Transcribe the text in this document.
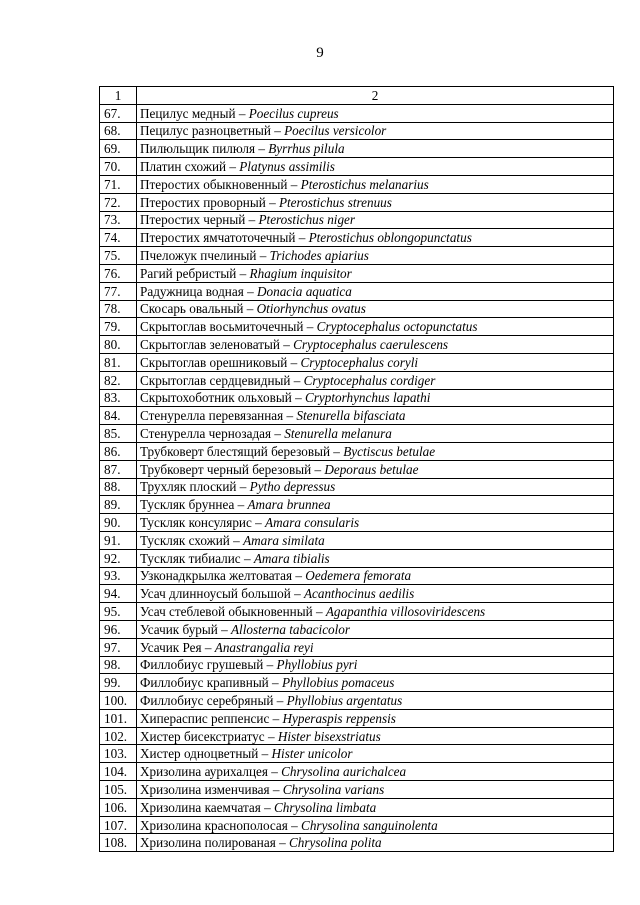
9
1	2
67.	Пецилус медный – Poecilus cupreus
68.	Пецилус разноцветный – Poecilus versicolor
69.	Пилюльщик пилюля – Byrrhus pilula
70.	Платин схожий – Platynus assimilis
71.	Птеростих обыкновенный – Pterostichus melanarius
72.	Птеростих проворный – Pterostichus strenuus
73.	Птеростих черный – Pterostichus niger
74.	Птеростих ямчатоточечный – Pterostichus oblongopunctatus
75.	Пчеложук пчелиный – Trichodes apiarius
76.	Рагий ребристый – Rhagium inquisitor
77.	Радужница водная – Donacia aquatica
78.	Скосарь овальный – Otiorhynchus ovatus
79.	Скрытоглав восьмиточечный – Cryptocephalus octopunctatus
80.	Скрытоглав зеленоватый – Cryptocephalus caerulescens
81.	Скрытоглав орешниковый – Cryptocephalus coryli
82.	Скрытоглав сердцевидный – Cryptocephalus cordiger
83.	Скрытохоботник ольховый – Cryptorhynchus lapathi
84.	Стенурелла перевязанная – Stenurella bifasciata
85.	Стенурелла чернозадая – Stenurella melanura
86.	Трубковерт блестящий березовый – Byctiscus betulae
87.	Трубковерт черный березовый – Deporaus betulae
88.	Трухляк плоский – Pytho depressus
89.	Тускляк бруннеа – Amara brunnea
90.	Тускляк консулярис – Amara consularis
91.	Тускляк схожий – Amara similata
92.	Тускляк тибиалис – Amara tibialis
93.	Узконадкрылка желтоватая – Oedemera femorata
94.	Усач длинноусый большой – Acanthocinus aedilis
95.	Усач стеблевой обыкновенный – Agapanthia villosoviridescens
96.	Усачик бурый – Allosterna tabacicolor
97.	Усачик Рея – Anastrangalia reyi
98.	Филлобиус грушевый – Phyllobius pyri
99.	Филлобиус крапивный – Phyllobius pomaceus
100.	Филлобиус серебряный – Phyllobius argentatus
101.	Хипераспис‌ реппенсис – Hyperaspis reppensis
102.	Хистер бисекстриатус – Hister bisexstriatus
103.	Хистер одноцветный – Hister unicolor
104.	Хризолина аурихалцея – Chrysolina aurichalcea
105.	Хризолина изменчивая – Chrysolina varians
106.	Хризолина каемчатая – Chrysolina limbata
107.	Хризолина краснополосая – Chrysolina sanguinolenta
108.	Хризолина полированая – Chrysolina polita
